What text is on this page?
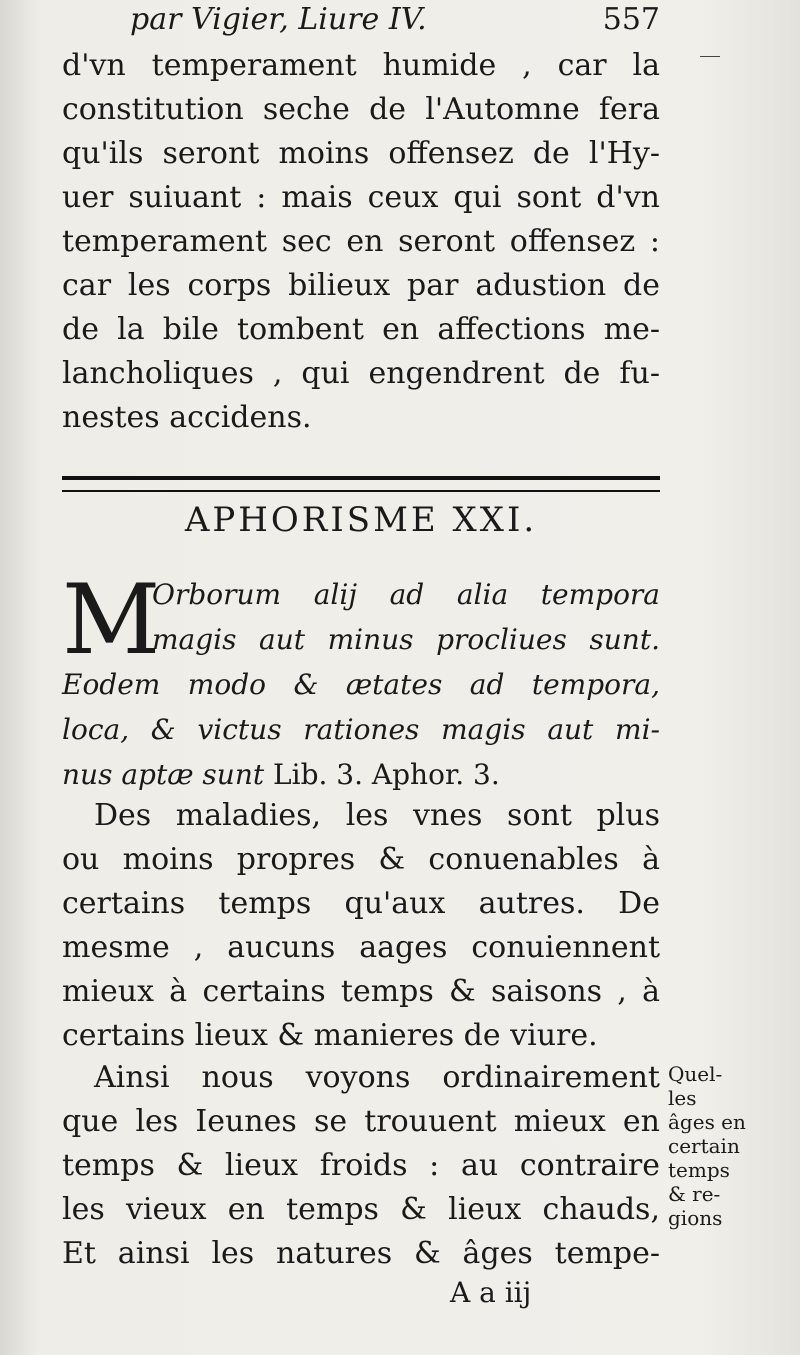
par Vigier, Liure IV.	557
d'vn temperament humide , car la
constitution seche de l'Automne fera
qu'ils seront moins offensez de l'Hy-
uer suiuant : mais ceux qui sont d'vn
temperament sec en seront offensez :
car les corps bilieux par adustion de
de la bile tombent en affections me-
lancholiques , qui engendrent de fu-
nestes accidens.
APHORISME XXI.
M
Orborum alij ad alia tempora
magis aut minus procliues sunt.
Eodem modo & ætates ad tempora,
loca, & victus rationes magis aut mi-
nus aptæ sunt Lib. 3. Aphor. 3.
Des maladies, les vnes sont plus
ou moins propres & conuenables à
certains temps qu'aux autres. De
mesme , aucuns aages conuiennent
mieux à certains temps & saisons , à
certains lieux & manieres de viure.
Ainsi nous voyons ordinairement
que les Ieunes se trouuent mieux en
temps & lieux froids : au contraire
les vieux en temps & lieux chauds,
Et ainsi les natures & âges tempe-
Quel-
les
âges en
certain
temps
& re-
gions
A a iij
